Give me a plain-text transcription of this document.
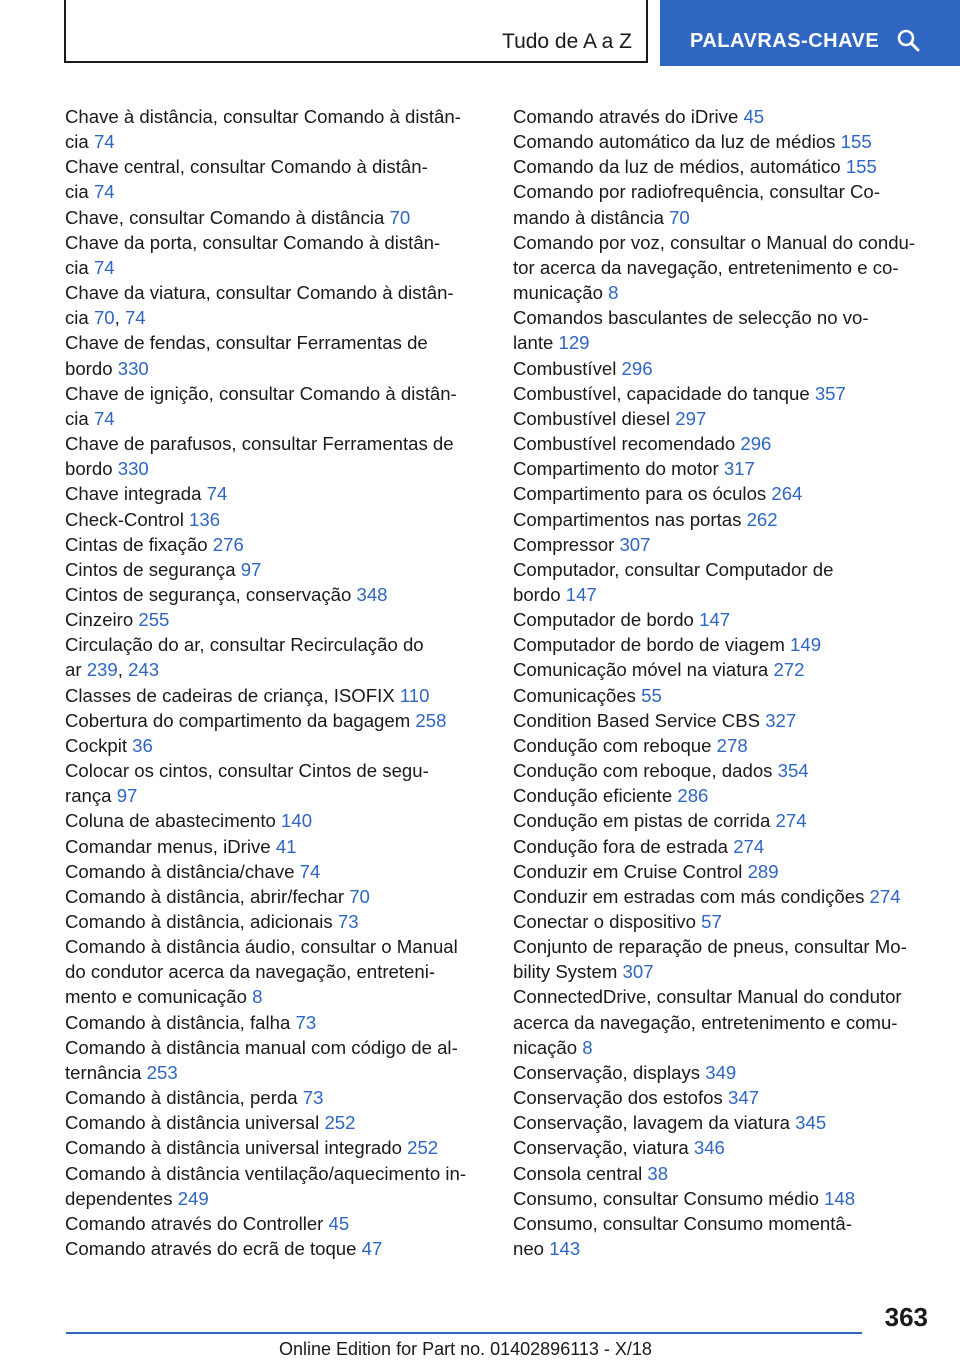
Tudo de A a Z	PALAVRAS-CHAVE
Chave à distância, consultar Comando à distân-
cia 74
Chave central, consultar Comando à distân-
cia 74
Chave, consultar Comando à distância 70
Chave da porta, consultar Comando à distân-
cia 74
Chave da viatura, consultar Comando à distân-
cia 70, 74
Chave de fendas, consultar Ferramentas de
bordo 330
Chave de ignição, consultar Comando à distân-
cia 74
Chave de parafusos, consultar Ferramentas de
bordo 330
Chave integrada 74
Check-Control 136
Cintas de fixação 276
Cintos de segurança 97
Cintos de segurança, conservação 348
Cinzeiro 255
Circulação do ar, consultar Recirculação do
ar 239, 243
Classes de cadeiras de criança, ISOFIX 110
Cobertura do compartimento da bagagem 258
Cockpit 36
Colocar os cintos, consultar Cintos de segu-
rança 97
Coluna de abastecimento 140
Comandar menus, iDrive 41
Comando à distância/chave 74
Comando à distância, abrir/fechar 70
Comando à distância, adicionais 73
Comando à distância áudio, consultar o Manual
do condutor acerca da navegação, entreteni-
mento e comunicação 8
Comando à distância, falha 73
Comando à distância manual com código de al-
ternância 253
Comando à distância, perda 73
Comando à distância universal 252
Comando à distância universal integrado 252
Comando à distância ventilação/aquecimento in-
dependentes 249
Comando através do Controller 45
Comando através do ecrã de toque 47
Comando através do iDrive 45
Comando automático da luz de médios 155
Comando da luz de médios, automático 155
Comando por radiofrequência, consultar Co-
mando à distância 70
Comando por voz, consultar o Manual do condu-
tor acerca da navegação, entretenimento e co-
municação 8
Comandos basculantes de selecção no vo-
lante 129
Combustível 296
Combustível, capacidade do tanque 357
Combustível diesel 297
Combustível recomendado 296
Compartimento do motor 317
Compartimento para os óculos 264
Compartimentos nas portas 262
Compressor 307
Computador, consultar Computador de
bordo 147
Computador de bordo 147
Computador de bordo de viagem 149
Comunicação móvel na viatura 272
Comunicações 55
Condition Based Service CBS 327
Condução com reboque 278
Condução com reboque, dados 354
Condução eficiente 286
Condução em pistas de corrida 274
Condução fora de estrada 274
Conduzir em Cruise Control 289
Conduzir em estradas com más condições 274
Conectar o dispositivo 57
Conjunto de reparação de pneus, consultar Mo-
bility System 307
ConnectedDrive, consultar Manual do condutor
acerca da navegação, entretenimento e comu-
nicação 8
Conservação, displays 349
Conservação dos estofos 347
Conservação, lavagem da viatura 345
Conservação, viatura 346
Consola central 38
Consumo, consultar Consumo médio 148
Consumo, consultar Consumo momentâ-
neo 143
363
Online Edition for Part no. 01402896113 - X/18
